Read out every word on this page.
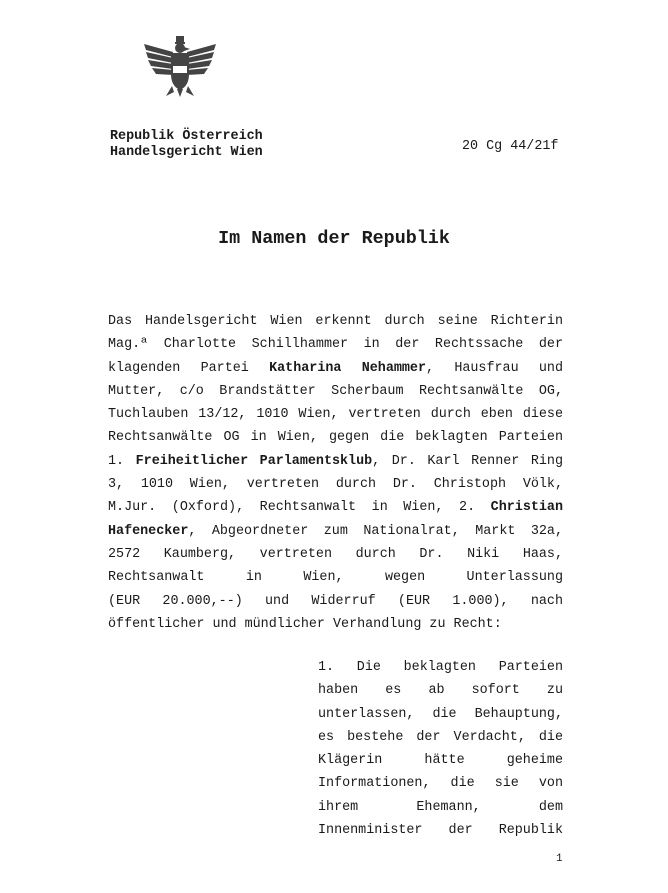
Republik Österreich
Handelsgericht Wien	20 Cg 44/21f
Im Namen der Republik
Das Handelsgericht Wien erkennt durch seine Richterin
Mag.ª Charlotte Schillhammer in der Rechtssache der
klagenden Partei Katharina Nehammer, Hausfrau und
Mutter, c/o Brandstätter Scherbaum Rechtsanwälte OG,
Tuchlauben 13/12, 1010 Wien, vertreten durch eben diese
Rechtsanwälte OG in Wien, gegen die beklagten Parteien
1. Freiheitlicher Parlamentsklub, Dr. Karl Renner Ring
3, 1010 Wien, vertreten durch Dr. Christoph Völk,
M.Jur. (Oxford), Rechtsanwalt in Wien, 2. Christian
Hafenecker, Abgeordneter zum Nationalrat, Markt 32a,
2572 Kaumberg, vertreten durch Dr. Niki Haas,
Rechtsanwalt in Wien, wegen Unterlassung
(EUR 20.000,--) und Widerruf (EUR 1.000), nach
öffentlicher und mündlicher Verhandlung zu Recht:
1. Die beklagten Parteien
haben es ab sofort zu
unterlassen, die Behauptung,
es bestehe der Verdacht, die
Klägerin hätte geheime
Informationen, die sie von
ihrem Ehemann, dem
Innenminister der Republik
1
